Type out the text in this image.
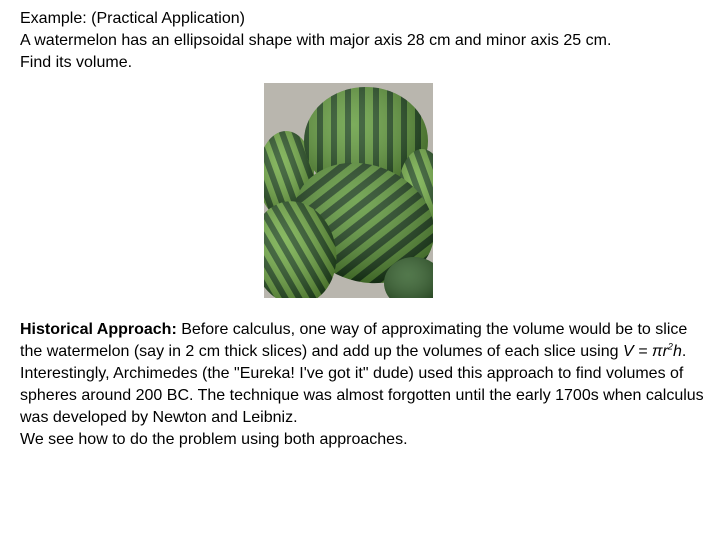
Example: (Practical Application)

A watermelon has an ellipsoidal shape with major axis 28 cm and minor axis 25 cm.

Find its volume.

Historical Approach: Before calculus, one way of approximating the volume would be to slice the watermelon (say in 2 cm thick slices) and add up the volumes of each slice using $V = \pi r^2h$.

Interestingly, Archimedes (the "Eureka! I've got it" dude) used this approach to find volumes of spheres around 200 BC. The technique was almost forgotten until the early 1700s when calculus was developed by Newton and Leibniz.

We see how to do the problem using both approaches.
